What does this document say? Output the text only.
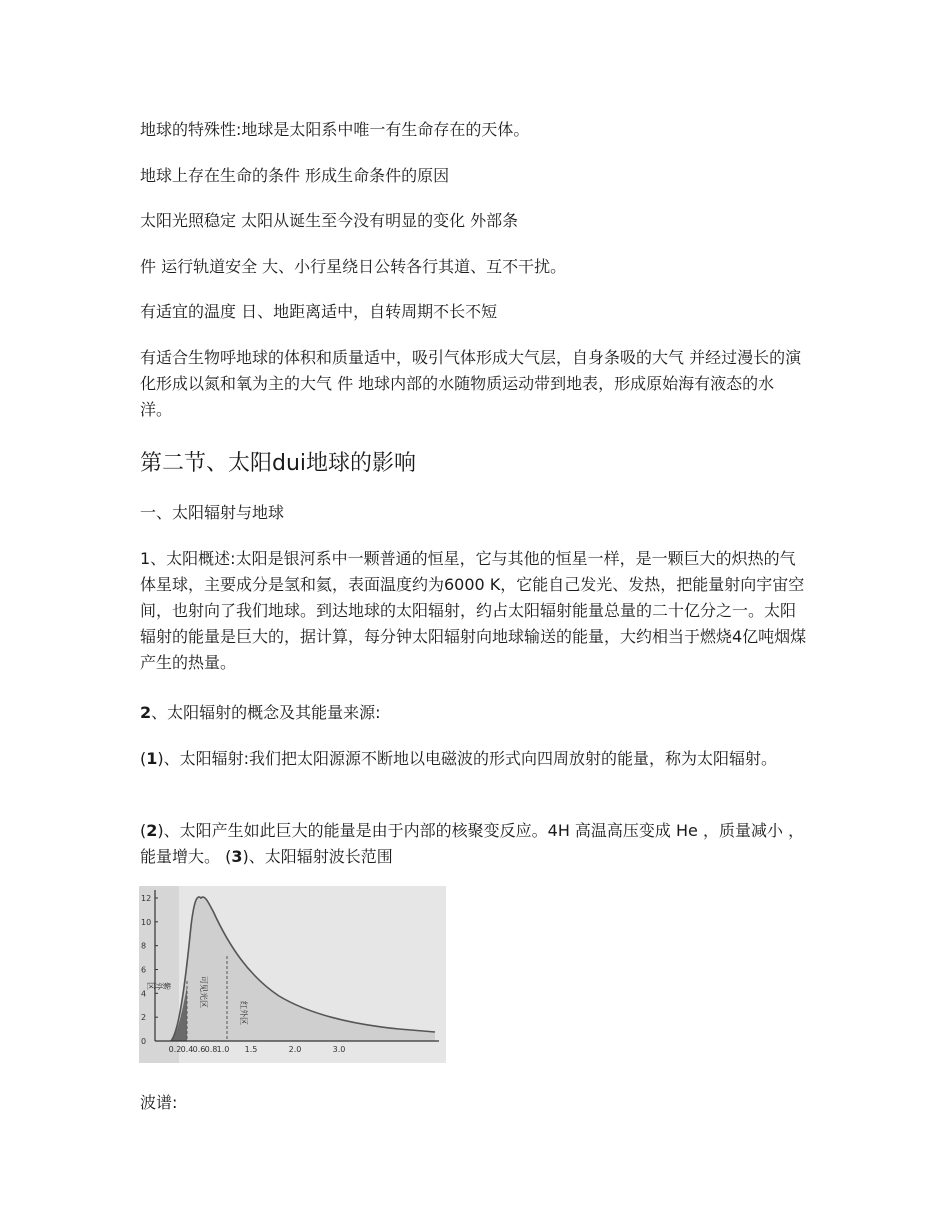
地球的特殊性:地球是太阳系中唯一有生命存在的天体。

地球上存在生命的条件 形成生命条件的原因

太阳光照稳定 太阳从诞生至今没有明显的变化 外部条

件 运行轨道安全 大、小行星绕日公转各行其道、互不干扰。

有适宜的温度 日、地距离适中，自转周期不长不短

有适合生物呼地球的体积和质量适中，吸引气体形成大气层，自身条吸的大气 并经过漫长的演化形成以氮和氧为主的大气 件 地球内部的水随物质运动带到地表，形成原始海有液态的水 洋。

第二节、太阳dui地球的影响

一、太阳辐射与地球

1、太阳概述:太阳是银河系中一颗普通的恒星，它与其他的恒星一样，是一颗巨大的炽热的气体星球，主要成分是氢和氦，表面温度约为6000 K，它能自己发光、发热，把能量射向宇宙空间，也射向了我们地球。到达地球的太阳辐射，约占太阳辐射能量总量的二十亿分之一。太阳辐射的能量是巨大的，据计算，每分钟太阳辐射向地球输送的能量，大约相当于燃烧4亿吨烟煤产生的热量。

2、太阳辐射的概念及其能量来源:

(1)、太阳辐射:我们把太阳源源不断地以电磁波的形式向四周放射的能量，称为太阳辐射。

(2)、太阳产生如此巨大的能量是由于内部的核聚变反应。4H 高温高压变成 He ，质量减小 ，能量增大。 (3)、太阳辐射波长范围

12
10
8
6
4
2
0
0.2 0.4 0.6 0.8 1.0 1.5	2.0	3.0
紫外区	可见光区
红外区

波谱:
